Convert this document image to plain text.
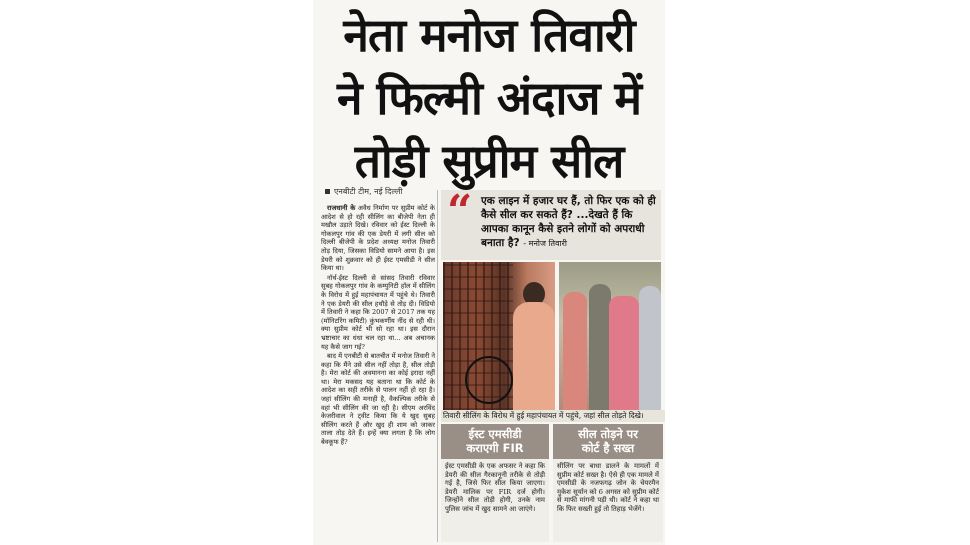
नेता मनोज तिवारी
ने फिल्मी अंदाज में
तोड़ी सुप्रीम सील
एनबीटी टीम, नई दिल्ली

राजधानी के अवैध निर्माण पर सुप्रीम कोर्ट के आदेश से हो रही सीलिंग का बीजेपी नेता ही मखौल उड़ाते दिखे। रविवार को ईस्ट दिल्ली के गोकलपुर गांव की एक डेयरी में लगी सील को दिल्ली बीजेपी के प्रदेश अध्यक्ष मनोज तिवारी तोड़ दिया, जिसका विडियो सामने आया है। इस डेयरी को शुक्रवार को ही ईस्ट एमसीडी ने सील किया था।

नॉर्थ-ईस्ट दिल्ली से सांसद तिवारी रविवार सुबह गोकलपुर गांव के कम्युनिटी हॉल में सीलिंग के विरोध में हुई महापंचायत में पहुंचे थे। तिवारी ने एक डेयरी की सील हथौड़े से तोड़ दी। विडियो में तिवारी ने कहा कि 2007 से 2017 तक यह (मॉनिटरिंग कमिटी) कुंभकर्णीय नींद से रही थी। क्या सुप्रीम कोर्ट भी सो रहा था। इस दौरान भ्रष्टाचार का धंधा चल रहा था... अब अचानक यह कैसे जाग गई?

बाद में एनबीटी से बातचीत में मनोज तिवारी ने कहा कि मैंने उसे सील नहीं तोड़ा है, सील तोड़ी है। मेरा कोर्ट की अवमानना का कोई इरादा नहीं था। मेरा मकसद यह बताना था कि कोर्ट के आदेश का सही तरीके से पालन नहीं हो रहा है। जहां सीलिंग की मनाही है, वैकल्पिक तरीके से वहां भी सीलिंग की जा रही है। सीएम अरविंद केजरीवाल ने ट्वीट किया कि ये खुद सुबह सीलिंग करते हैं और खुद ही शाम को जाकर ताला तोड़ देते हैं। इन्हें क्या लगता है कि लोग बेवकूफ हैं?

“ एक लाइन में हजार घर हैं, तो फिर एक को ही कैसे सील कर सकते हैं? ...देखते हैं कि आपका कानून कैसे इतने लोगों को अपराधी बनाता है? - मनोज तिवारी
तिवारी सीलिंग के विरोध में हुई महापंचायत में पहुंचे, जहां सील तोड़ते दिखे।
ईस्ट एमसीडी
कराएगी FIR
ईस्ट एमसीडी के एक अफसर ने कहा कि डेयरी की सील गैरकानूनी तरीके से तोड़ी गई है, जिसे फिर सील किया जाएगा। डेयरी मालिक पर FIR दर्ज होगी। जिन्होंने सील तोड़ी होगी, उनके नाम पुलिस जांच में खुद सामने आ जाएंगे।
सील तोड़ने पर
कोर्ट है सख्त
सीलिंग पर बाधा डालने के मामलों में सुप्रीम कोर्ट सख्त है। ऐसे ही एक मामले में एमसीडी के नजफगढ़ जोन के चेयरमैन मुकेश सूर्यान को 6 अगस्त को सुप्रीम कोर्ट से माफी मांगनी पड़ी थी। कोर्ट ने कहा था कि फिर सख्ती हुई तो तिहाड़ भेजेंगे।
